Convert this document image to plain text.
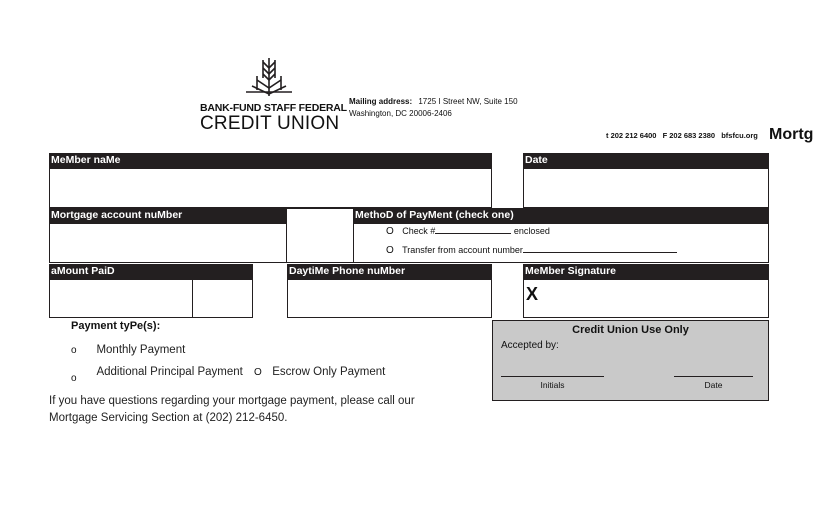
BANK-FUND STAFF FEDERAL
CREDIT UNION
Mailing address: 1725 I Street NW, Suite 150
Washington, DC 20006-2406
t 202 212 6400 F 202 683 2380 bfsfcu.org Mortg
MeMber naMe	Date
Mortgage account nuMber	MethoD of PayMent (check one)
O Check #	enclosed
O Transfer from account number
aMount PaiD	DaytiMe Phone nuMber	MeMber Signature
X
Payment tyPe(s):
o Monthly Payment
o Additional Principal Payment O Escrow Only Payment
If you have questions regarding your mortgage payment, please call our
Mortgage Servicing Section at (202) 212-6450.
Credit Union Use Only
Accepted by:
Initials	Date
